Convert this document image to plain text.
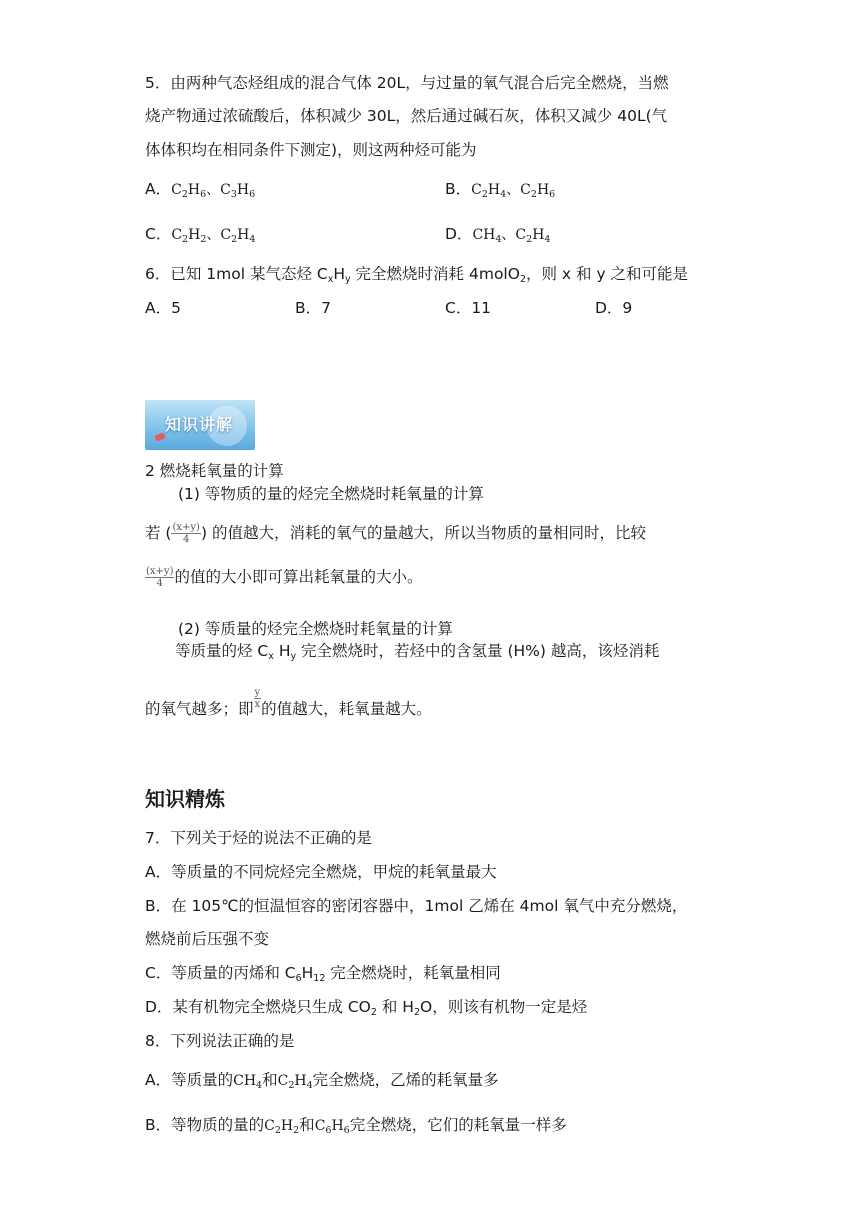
5．由两种气态烃组成的混合气体 20L，与过量的氧气混合后完全燃烧，当燃
烧产物通过浓硫酸后，体积减少 30L，然后通过碱石灰，体积又减少 40L(气
体体积均在相同条件下测定)，则这两种烃可能为
A．$C_2H_6$、$C_3H_6$	B．$C_2H_4$、$C_2H_6$
C．$C_2H_2$、$C_2H_4$	D．$CH_4$、$C_2H_4$
6．已知 1mol 某气态烃 $C_xH_y$ 完全燃烧时消耗 4molO$_2$，则 x 和 y 之和可能是
A．5	B．7	C．11	D．9
知识讲解
2 燃烧耗氧量的计算
(1) 等物质的量的烃完全燃烧时耗氧量的计算
若 ( $\frac{(x+y)}{4}$ ) 的值越大，消耗的氧气的量越大，所以当物质的量相同时，比较
$\frac{(x+y)}{4}$ 的值的大小即可算出耗氧量的大小。
(2) 等质量的烃完全燃烧时耗氧量的计算
等质量的烃 $C_x$ $H_y$ 完全燃烧时，若烃中的含氢量 (H%) 越高，该烃消耗
的氧气越多；即 $\frac{y}{x}$ 的值越大，耗氧量越大。
知识精炼
7．下列关于烃的说法不正确的是
A．等质量的不同烷烃完全燃烧，甲烷的耗氧量最大
B．在 105℃的恒温恒容的密闭容器中，1mol 乙烯在 4mol 氧气中充分燃烧，
燃烧前后压强不变
C．等质量的丙烯和 $C_6H_{12}$ 完全燃烧时，耗氧量相同
D．某有机物完全燃烧只生成 $CO_2$ 和 $H_2O$，则该有机物一定是烃
8．下列说法正确的是
A．等质量的$CH_4$和$C_2H_4$完全燃烧，乙烯的耗氧量多
B．等物质的量的$C_2H_2$和$C_6H_6$完全燃烧，它们的耗氧量一样多
